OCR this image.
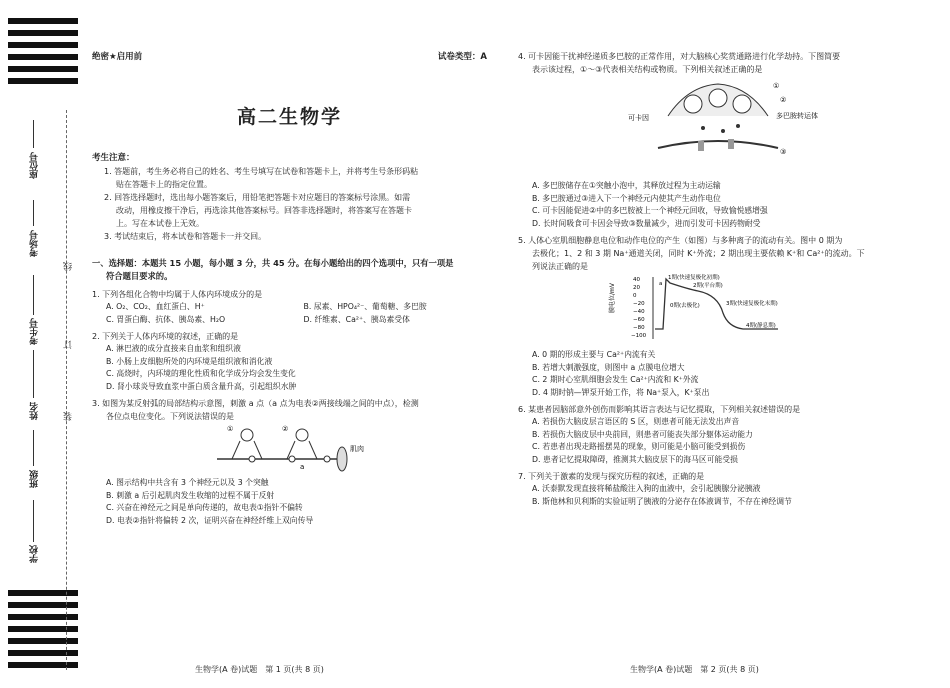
座位号
考场号
考生号
姓名
班级
学校
线
订
装
绝密★启用前	试卷类型：A
高二生物学
考生注意：
1. 答题前，考生务必将自己的姓名、考生号填写在试卷和答题卡上，并将考生号条形码粘
贴在答题卡上的指定位置。
2. 回答选择题时，选出每小题答案后，用铅笔把答题卡对应题目的答案标号涂黑。如需
改动，用橡皮擦干净后，再选涂其他答案标号。回答非选择题时，将答案写在答题卡
上。写在本试卷上无效。
3. 考试结束后，将本试卷和答题卡一并交回。
一、选择题：本题共 15 小题，每小题 3 分，共 45 分。在每小题给出的四个选项中，只有一项是
符合题目要求的。
1. 下列各组化合物中均属于人体内环境成分的是
A. O₂、CO₂、血红蛋白、H⁺	B. 尿素、HPO₄²⁻、葡萄糖、多巴胺
C. 胃蛋白酶、抗体、胰岛素、H₂O	D. 纤维素、Ca²⁺、胰岛素受体
2. 下列关于人体内环境的叙述，正确的是
A. 淋巴液的成分直接来自血浆和组织液
B. 小肠上皮细胞所处的内环境是组织液和消化液
C. 高烧时，内环境的理化性质和化学成分均会发生变化
D. 肾小球炎导致血浆中蛋白质含量升高，引起组织水肿
3. 如图为某反射弧的局部结构示意图，刺激 a 点（a 点为电表②两接线端之间的中点），检测
各位点电位变化。下列说法错误的是
①	②
a
肌肉
A. 图示结构中共含有 3 个神经元以及 3 个突触
B. 刺激 a 后引起肌肉发生收缩的过程不属于反射
C. 兴奋在神经元之间是单向传递的，故电表①指针不偏转
D. 电表②指针将偏转 2 次，证明兴奋在神经纤维上双向传导
生物学(A 卷)试题　第 1 页(共 8 页)
4. 可卡因能干扰神经递质多巴胺的正常作用，对大脑核心奖赏通路进行化学劫持。下图简要
表示该过程，①～③代表相关结构或物质。下列相关叙述正确的是
可卡因	多巴胺转运体
①
②
③
A. 多巴胺储存在①突触小泡中，其释放过程为主动运输
B. 多巴胺通过③进入下一个神经元内使其产生动作电位
C. 可卡因能促进②中的多巴胺被上一个神经元回收，导致愉悦感增强
D. 长时间吸食可卡因会导致③数量减少，进而引发可卡因药物耐受
5. 人体心室肌细胞静息电位和动作电位的产生（如图）与多种离子的流动有关。图中 0 期为
去极化；1、2 和 3 期 Na⁺通道关闭，同时 K⁺外流；2 期出现主要依赖 K⁺和 Ca²⁺的流动。下
列说法正确的是
膜电位/mV
40
20
0
−20
−40
−60
−80
−100
1期(快速复极化初期)
2期(平台期)
0期(去极化)	3期(快速复极化末期)
4期(静息期)
a
A. 0 期的形成主要与 Ca²⁺内流有关
B. 若增大刺激强度，则图中 a 点膜电位增大
C. 2 期时心室肌细胞会发生 Ca²⁺内流和 K⁺外流
D. 4 期时钠—钾泵开始工作，将 Na⁺泵入，K⁺泵出
6. 某患者因脑部意外创伤而影响其语言表达与记忆提取，下列相关叙述错误的是
A. 若损伤大脑皮层言语区的 S 区，则患者可能无法发出声音
B. 若损伤大脑皮层中央前回，则患者可能丧失部分躯体运动能力
C. 若患者出现走路摇摆晃的现象，则可能是小脑可能受到损伤
D. 患者记忆提取障碍，推测其大脑皮层下的海马区可能受损
7. 下列关于激素的发现与探究历程的叙述，正确的是
A. 沃泰默发现直接将稀盐酸注入狗的血液中，会引起胰腺分泌胰液
B. 斯他林和贝利斯的实验证明了胰液的分泌存在体液调节，不存在神经调节
生物学(A 卷)试题　第 2 页(共 8 页)
